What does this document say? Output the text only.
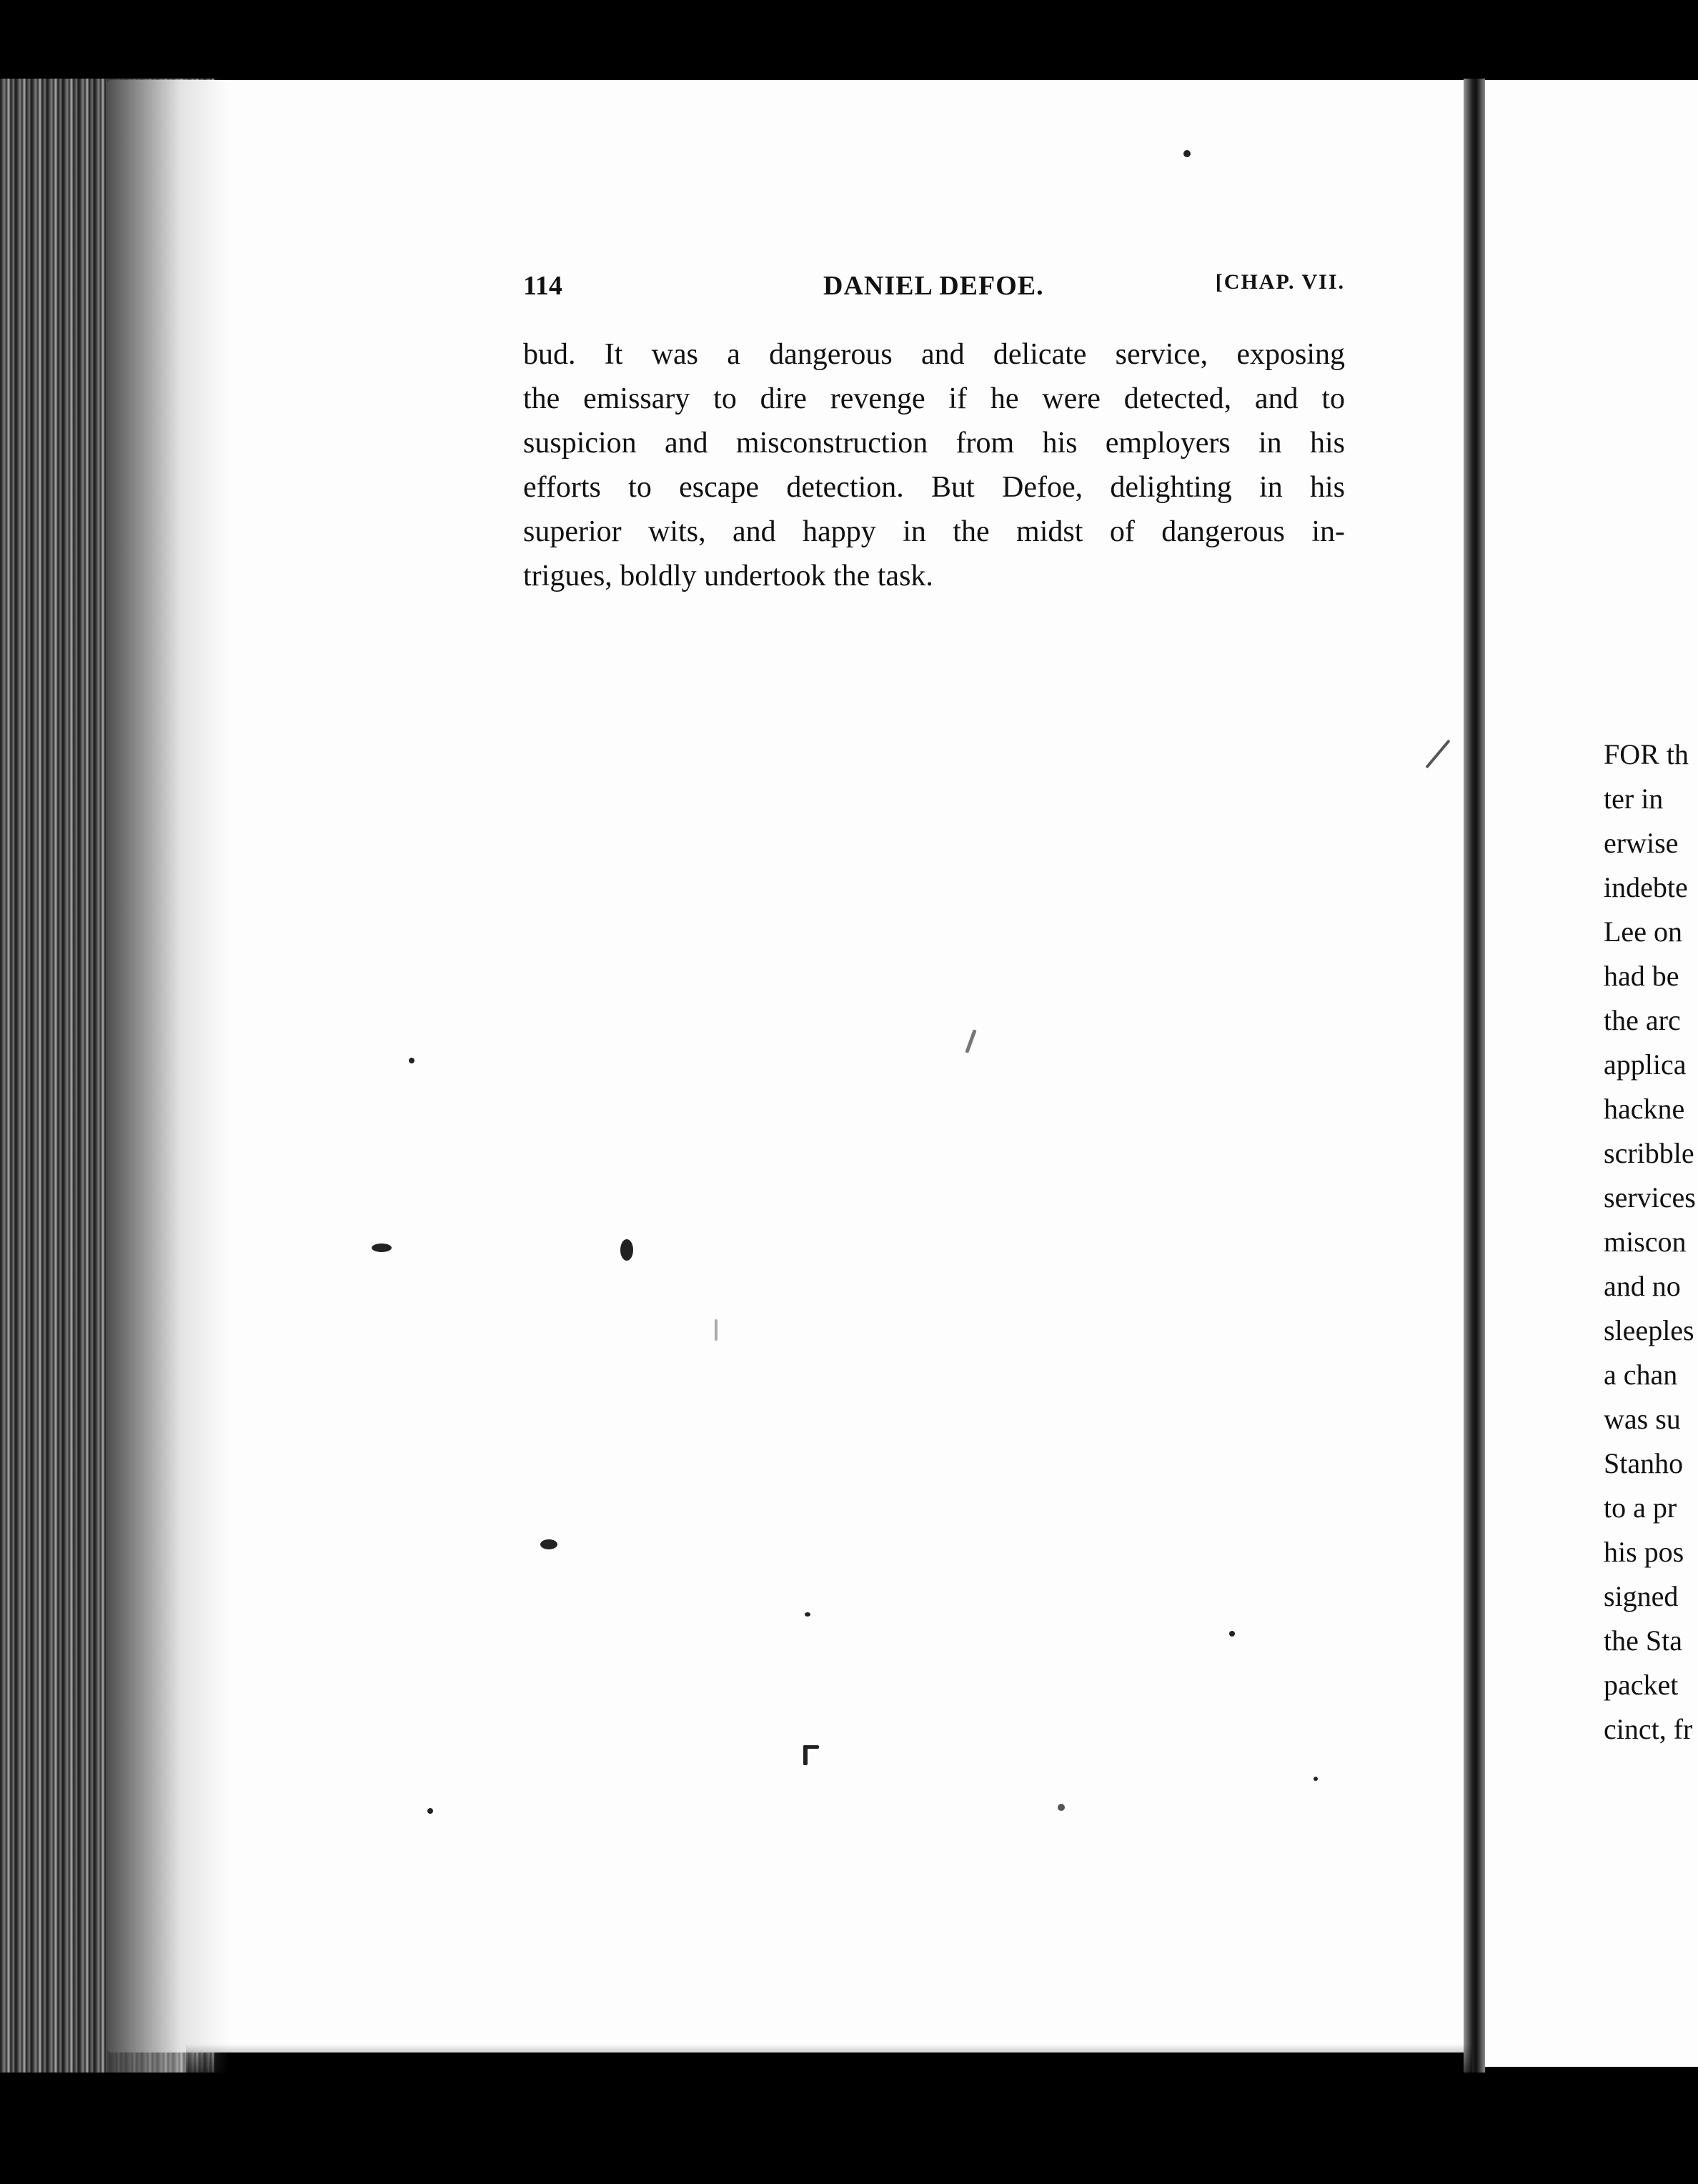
114	DANIEL DEFOE.	[CHAP. VII.
bud. It was a dangerous and delicate service, exposing
the emissary to dire revenge if he were detected, and to
suspicion and misconstruction from his employers in his
efforts to escape detection. But Defoe, delighting in his
superior wits, and happy in the midst of dangerous in-
trigues, boldly undertook the task.
FOR th
ter in
erwise
indebte
Lee on
had be
the arc
applica
hackne
scribble
services
miscon
and no
sleeples
a chan
was su
Stanho
to a pr
his pos
signed
the Sta
packet
cinct, fr
